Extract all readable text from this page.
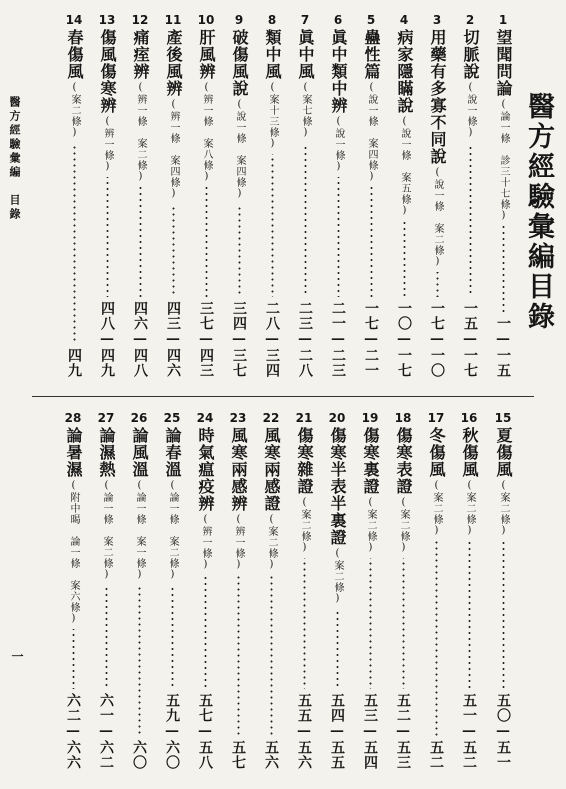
醫方經驗彙編目錄
醫方經驗彙編　目錄
一
1
望聞問論
(論一條　診三十七條)
一—一五
2
切脈說
(說一條)
一五—一七
3
用藥有多寡不同說
(說一條　案二條)
一七—一〇
4
病家隱瞞說
(說一條　案五條)
一〇—一七
5
蠱性篇
(說一條　案四條)
一七—二一
6
眞中類中辨
(說一條)
二一—二三
7
眞中風
(案七條)
二三—二八
8
類中風
(案十三條)
二八—三四
9
破傷風說
(說一條　案四條)
三四—三七
10
肝風辨
(辨一條　案八條)
三七—四三
11
產後風辨
(辨一條　案四條)
四三—四六
12
痛痓辨
(辨一條　案二條)
四六—四八
13
傷風傷寒辨
(辨一條)
四八—四九
14
春傷風
(案二條)
四九
15
夏傷風
(案二條)
五〇—五一
16
秋傷風
(案二條)
五一—五二
17
冬傷風
(案二條)
五二
18
傷寒表證
(案二條)
五二—五三
19
傷寒裏證
(案二條)
五三—五四
20
傷寒半表半裏證
(案二條)
五四—五五
21
傷寒雜證
(案二條)
五五—五六
22
風寒兩感證
(案二條)
五六
23
風寒兩感辨
(辨一條)
五七
24
時氣瘟疫辨
(辨一條)
五七—五八
25
論春溫
(論一條　案二條)
五九—六〇
26
論風溫
(論一條　案一條)
六〇
27
論濕熱
(論一條　案二條)
六一—六二
28
論暑濕
(附中暍　論一條　案六條)
六二—六六
